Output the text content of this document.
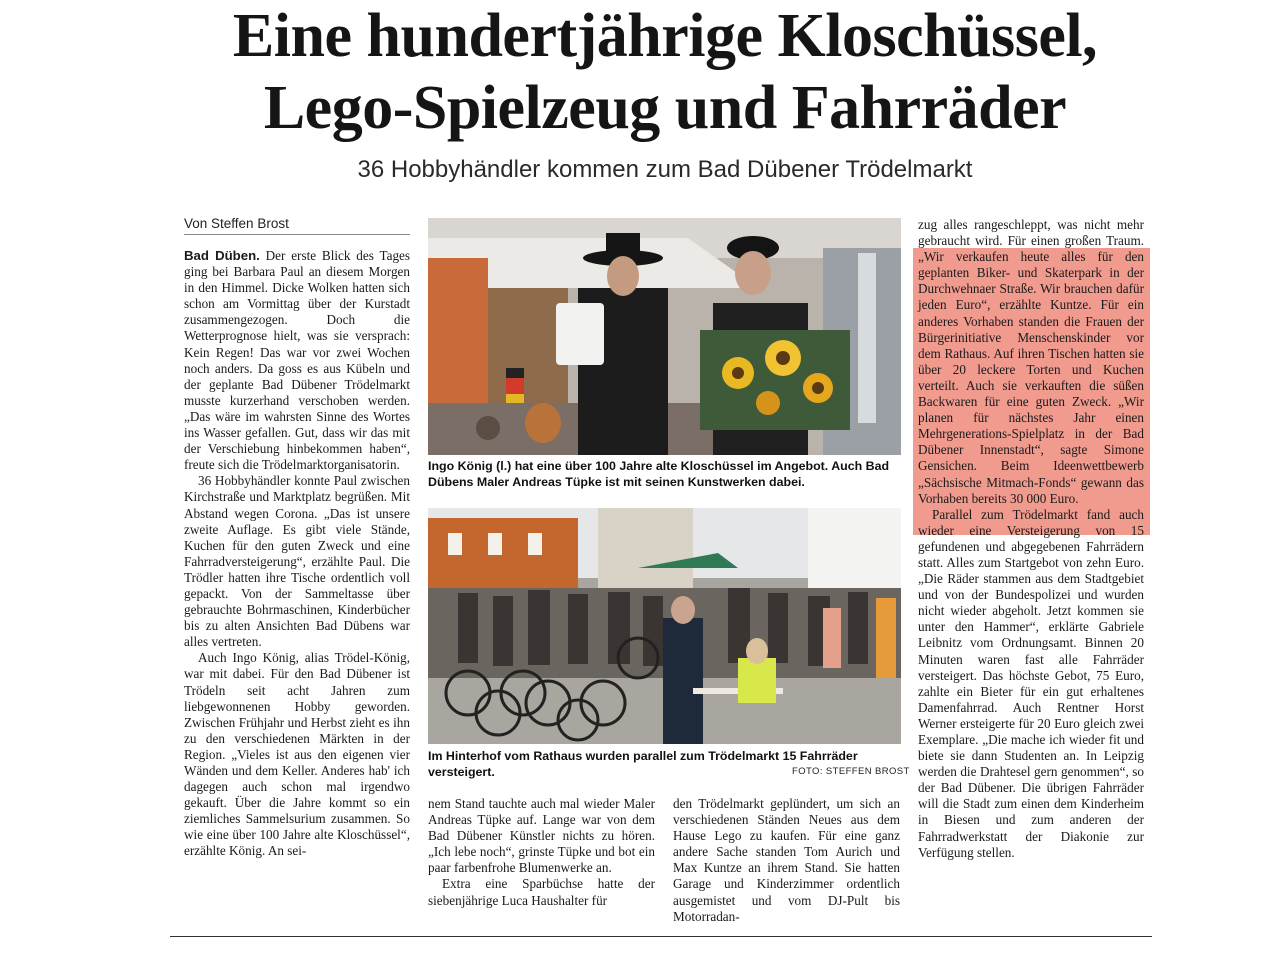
Eine hundertjährige Kloschüssel,
Lego-Spielzeug und Fahrräder
36 Hobbyhändler kommen zum Bad Dübener Trödelmarkt
Von Steffen Brost

Bad Düben. Der erste Blick des Tages ging bei Barbara Paul an diesem Morgen in den Himmel. Dicke Wolken hatten sich schon am Vormittag über der Kurstadt zusammengezogen. Doch die Wetterprognose hielt, was sie versprach: Kein Regen! Das war vor zwei Wochen noch anders. Da goss es aus Kübeln und der geplante Bad Dübener Trödelmarkt musste kurzerhand verschoben werden. „Das wäre im wahrsten Sinne des Wortes ins Wasser gefallen. Gut, dass wir das mit der Verschiebung hinbekommen haben“, freute sich die Trödelmarktorganisatorin.

36 Hobbyhändler konnte Paul zwischen Kirchstraße und Marktplatz begrüßen. Mit Abstand wegen Corona. „Das ist unsere zweite Auflage. Es gibt viele Stände, Kuchen für den guten Zweck und eine Fahrradversteigerung“, erzählte Paul. Die Trödler hatten ihre Tische ordentlich voll gepackt. Von der Sammeltasse über gebrauchte Bohrmaschinen, Kinderbücher bis zu alten Ansichten Bad Dübens war alles vertreten.

Auch Ingo König, alias Trödel-König, war mit dabei. Für den Bad Dübener ist Trödeln seit acht Jahren zum liebgewonnenen Hobby geworden. Zwischen Frühjahr und Herbst zieht es ihn zu den verschiedenen Märkten in der Region. „Vieles ist aus den eigenen vier Wänden und dem Keller. Anderes hab' ich dagegen auch schon mal irgendwo gekauft. Über die Jahre kommt so ein ziemliches Sammelsurium zusammen. So wie eine über 100 Jahre alte Kloschüssel“, erzählte König. An sei-

Ingo König (l.) hat eine über 100 Jahre alte Kloschüssel im Angebot. Auch Bad Dübens Maler Andreas Tüpke ist mit seinen Kunstwerken dabei.
Im Hinterhof vom Rathaus wurden parallel zum Trödelmarkt 15 Fahrräder versteigert.	FOTO: STEFFEN BROST

nem Stand tauchte auch mal wieder Maler Andreas Tüpke auf. Lange war von dem Bad Dübener Künstler nichts zu hören. „Ich lebe noch“, grinste Tüpke und bot ein paar farbenfrohe Blumenwerke an.

Extra eine Sparbüchse hatte der siebenjährige Luca Haushalter für

den Trödelmarkt geplündert, um sich an verschiedenen Ständen Neues aus dem Hause Lego zu kaufen. Für eine ganz andere Sache standen Tom Aurich und Max Kuntze an ihrem Stand. Sie hatten Garage und Kinderzimmer ordentlich ausgemistet und vom DJ-Pult bis Motorradan-

zug alles rangeschleppt, was nicht mehr gebraucht wird. Für einen großen Traum. „Wir verkaufen heute alles für den geplanten Biker- und Skaterpark in der Durchwehnaer Straße. Wir brauchen dafür jeden Euro“, erzählte Kuntze. Für ein anderes Vorhaben standen die Frauen der Bürgerinitiative Menschenskinder vor dem Rathaus. Auf ihren Tischen hatten sie über 20 leckere Torten und Kuchen verteilt. Auch sie verkauften die süßen Backwaren für eine guten Zweck. „Wir planen für nächstes Jahr einen Mehrgenerations-Spielplatz in der Bad Dübener Innenstadt“, sagte Simone Gensichen. Beim Ideenwettbewerb „Sächsische Mitmach-Fonds“ gewann das Vorhaben bereits 30 000 Euro.

Parallel zum Trödelmarkt fand auch wieder eine Versteigerung von 15 gefundenen und abgegebenen Fahrrädern statt. Alles zum Startgebot von zehn Euro. „Die Räder stammen aus dem Stadtgebiet und von der Bundespolizei und wurden nicht wieder abgeholt. Jetzt kommen sie unter den Hammer“, erklärte Gabriele Leibnitz vom Ordnungsamt. Binnen 20 Minuten waren fast alle Fahrräder versteigert. Das höchste Gebot, 75 Euro, zahlte ein Bieter für ein gut erhaltenes Damenfahrrad. Auch Rentner Horst Werner ersteigerte für 20 Euro gleich zwei Exemplare. „Die mache ich wieder fit und biete sie dann Studenten an. In Leipzig werden die Drahtesel gern genommen“, so der Bad Dübener. Die übrigen Fahrräder will die Stadt zum einen dem Kinderheim in Biesen und zum anderen der Fahrradwerkstatt der Diakonie zur Verfügung stellen.
